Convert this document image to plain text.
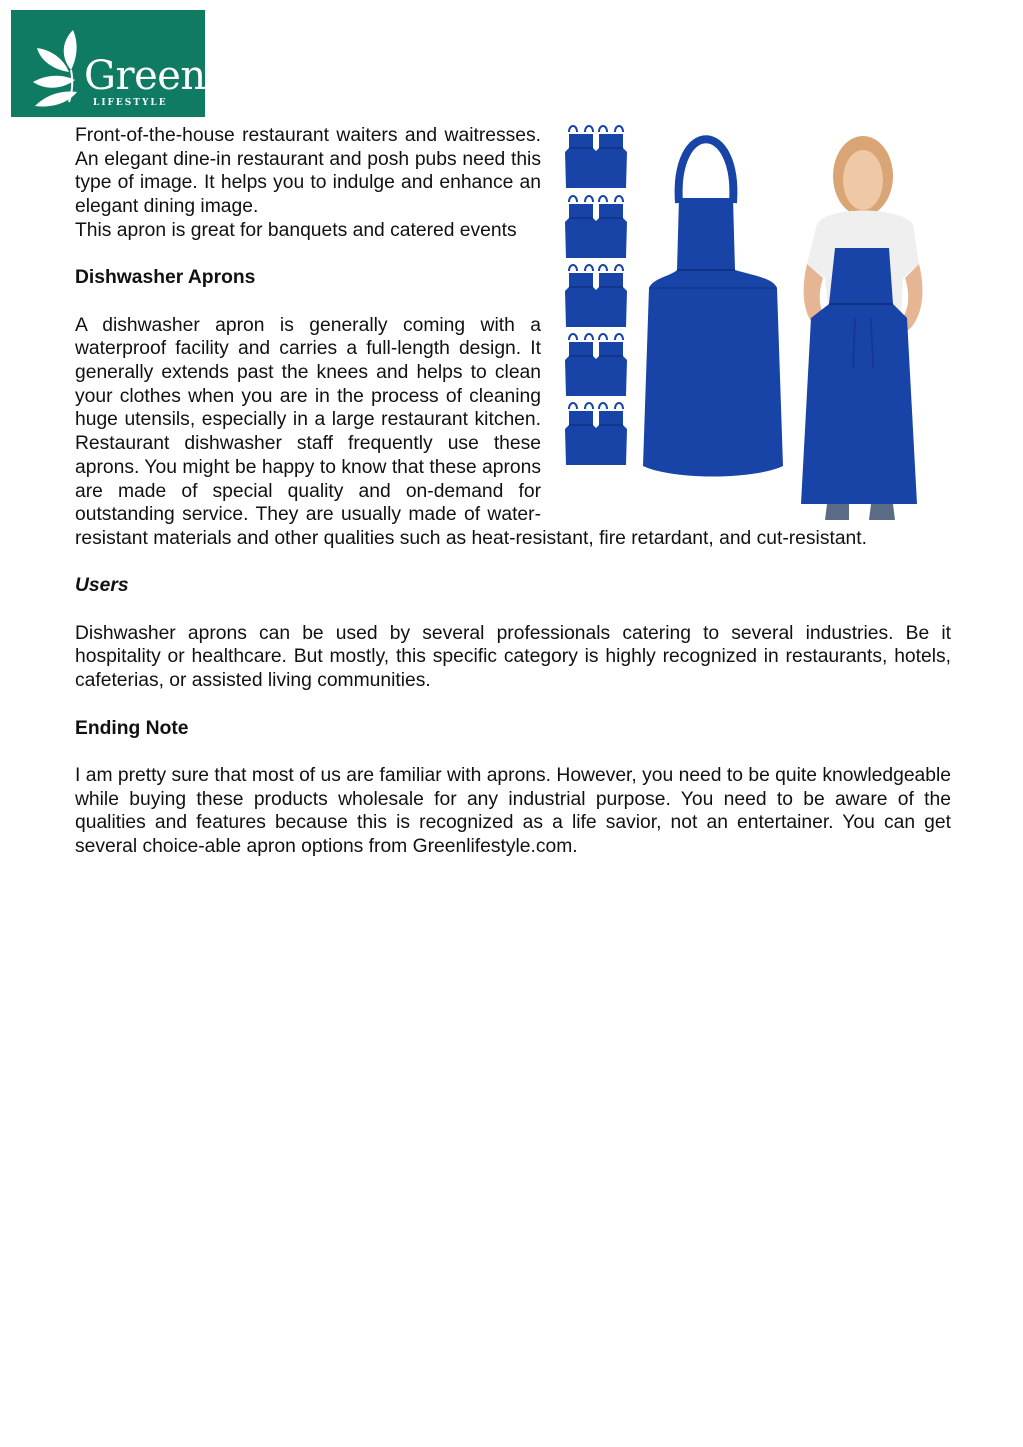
Green
LIFESTYLE

Front-of-the-house restaurant waiters and waitresses. An elegant dine-in restaurant and posh pubs need this type of image. It helps you to indulge and enhance an elegant dining image.

This apron is great for banquets and catered events

Dishwasher Aprons

A dishwasher apron is generally coming with a waterproof facility and carries a full-length design. It generally extends past the knees and helps to clean your clothes when you are in the process of cleaning huge utensils, especially in a large restaurant kitchen. Restaurant dishwasher staff frequently use these aprons. You might be happy to know that these aprons are made of special quality and on-demand for outstanding service. They are usually made of water-resistant materials and other qualities such as heat-resistant, fire retardant, and cut-resistant.

Users

Dishwasher aprons can be used by several professionals catering to several industries. Be it hospitality or healthcare. But mostly, this specific category is highly recognized in restaurants, hotels, cafeterias, or assisted living communities.

Ending Note

I am pretty sure that most of us are familiar with aprons. However, you need to be quite knowledgeable while buying these products wholesale for any industrial purpose. You need to be aware of the qualities and features because this is recognized as a life savior, not an entertainer. You can get several choice-able apron options from Greenlifestyle.com.
